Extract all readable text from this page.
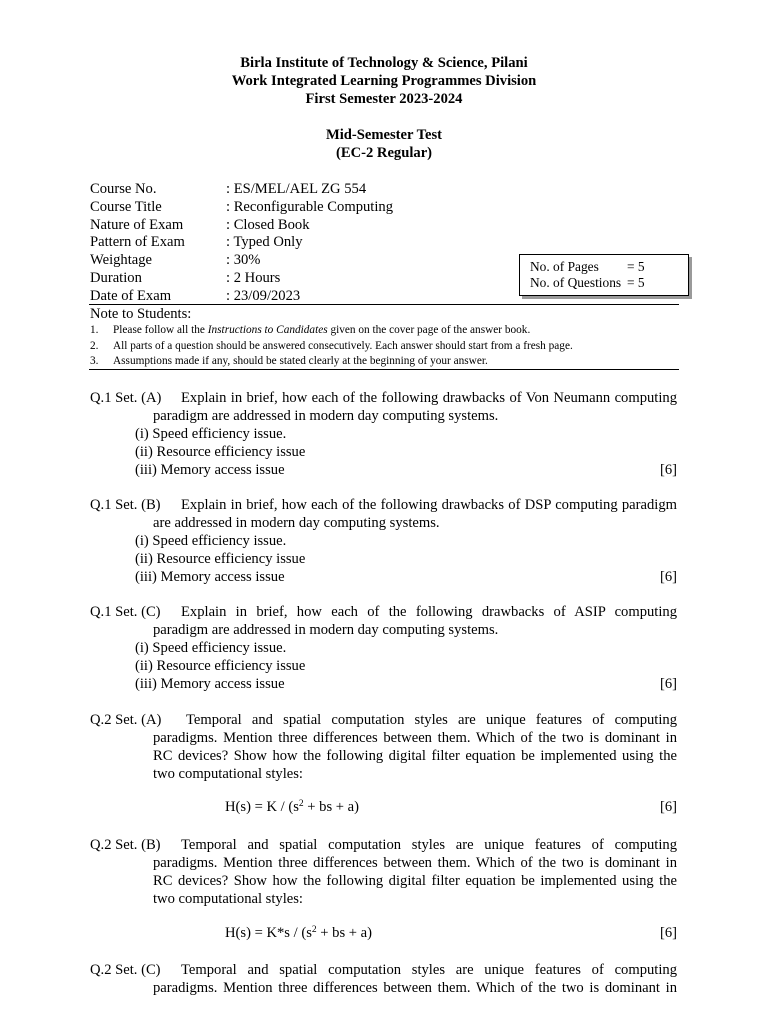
Birla Institute of Technology & Science, Pilani
Work Integrated Learning Programmes Division
First Semester 2023-2024
Mid-Semester Test
(EC-2 Regular)
Course No.	: ES/MEL/AEL ZG 554
Course Title	: Reconfigurable Computing
Nature of Exam	: Closed Book
Pattern of Exam	: Typed Only
Weightage	: 30%
Duration	: 2 Hours
Date of Exam	: 23/09/2023
No. of Pages = 5
No. of Questions = 5
Note to Students:
1. Please follow all the Instructions to Candidates given on the cover page of the answer book.
2. All parts of a question should be answered consecutively. Each answer should start from a fresh page.
3. Assumptions made if any, should be stated clearly at the beginning of your answer.
Q.1 Set. (A) Explain in brief, how each of the following drawbacks of Von Neumann computing
paradigm are addressed in modern day computing systems.
(i) Speed efficiency issue.
(ii) Resource efficiency issue
(iii) Memory access issue	[6]
Q.1 Set. (B) Explain in brief, how each of the following drawbacks of DSP computing paradigm
are addressed in modern day computing systems.
(i) Speed efficiency issue.
(ii) Resource efficiency issue
(iii) Memory access issue	[6]
Q.1 Set. (C) Explain in brief, how each of the following drawbacks of ASIP computing
paradigm are addressed in modern day computing systems.
(i) Speed efficiency issue.
(ii) Resource efficiency issue
(iii) Memory access issue	[6]
Q.2 Set. (A) Temporal and spatial computation styles are unique features of computing
paradigms. Mention three differences between them. Which of the two is dominant in
RC devices? Show how the following digital filter equation be implemented using the
two computational styles:
$H(s) = K / (s^2$ + bs + a)	[6]
Q.2 Set. (B) Temporal and spatial computation styles are unique features of computing
paradigms. Mention three differences between them. Which of the two is dominant in
RC devices? Show how the following digital filter equation be implemented using the
two computational styles:
$H(s) = K*s / (s^2$ + bs + a)	[6]
Q.2 Set. (C) Temporal and spatial computation styles are unique features of computing
paradigms. Mention three differences between them. Which of the two is dominant in
